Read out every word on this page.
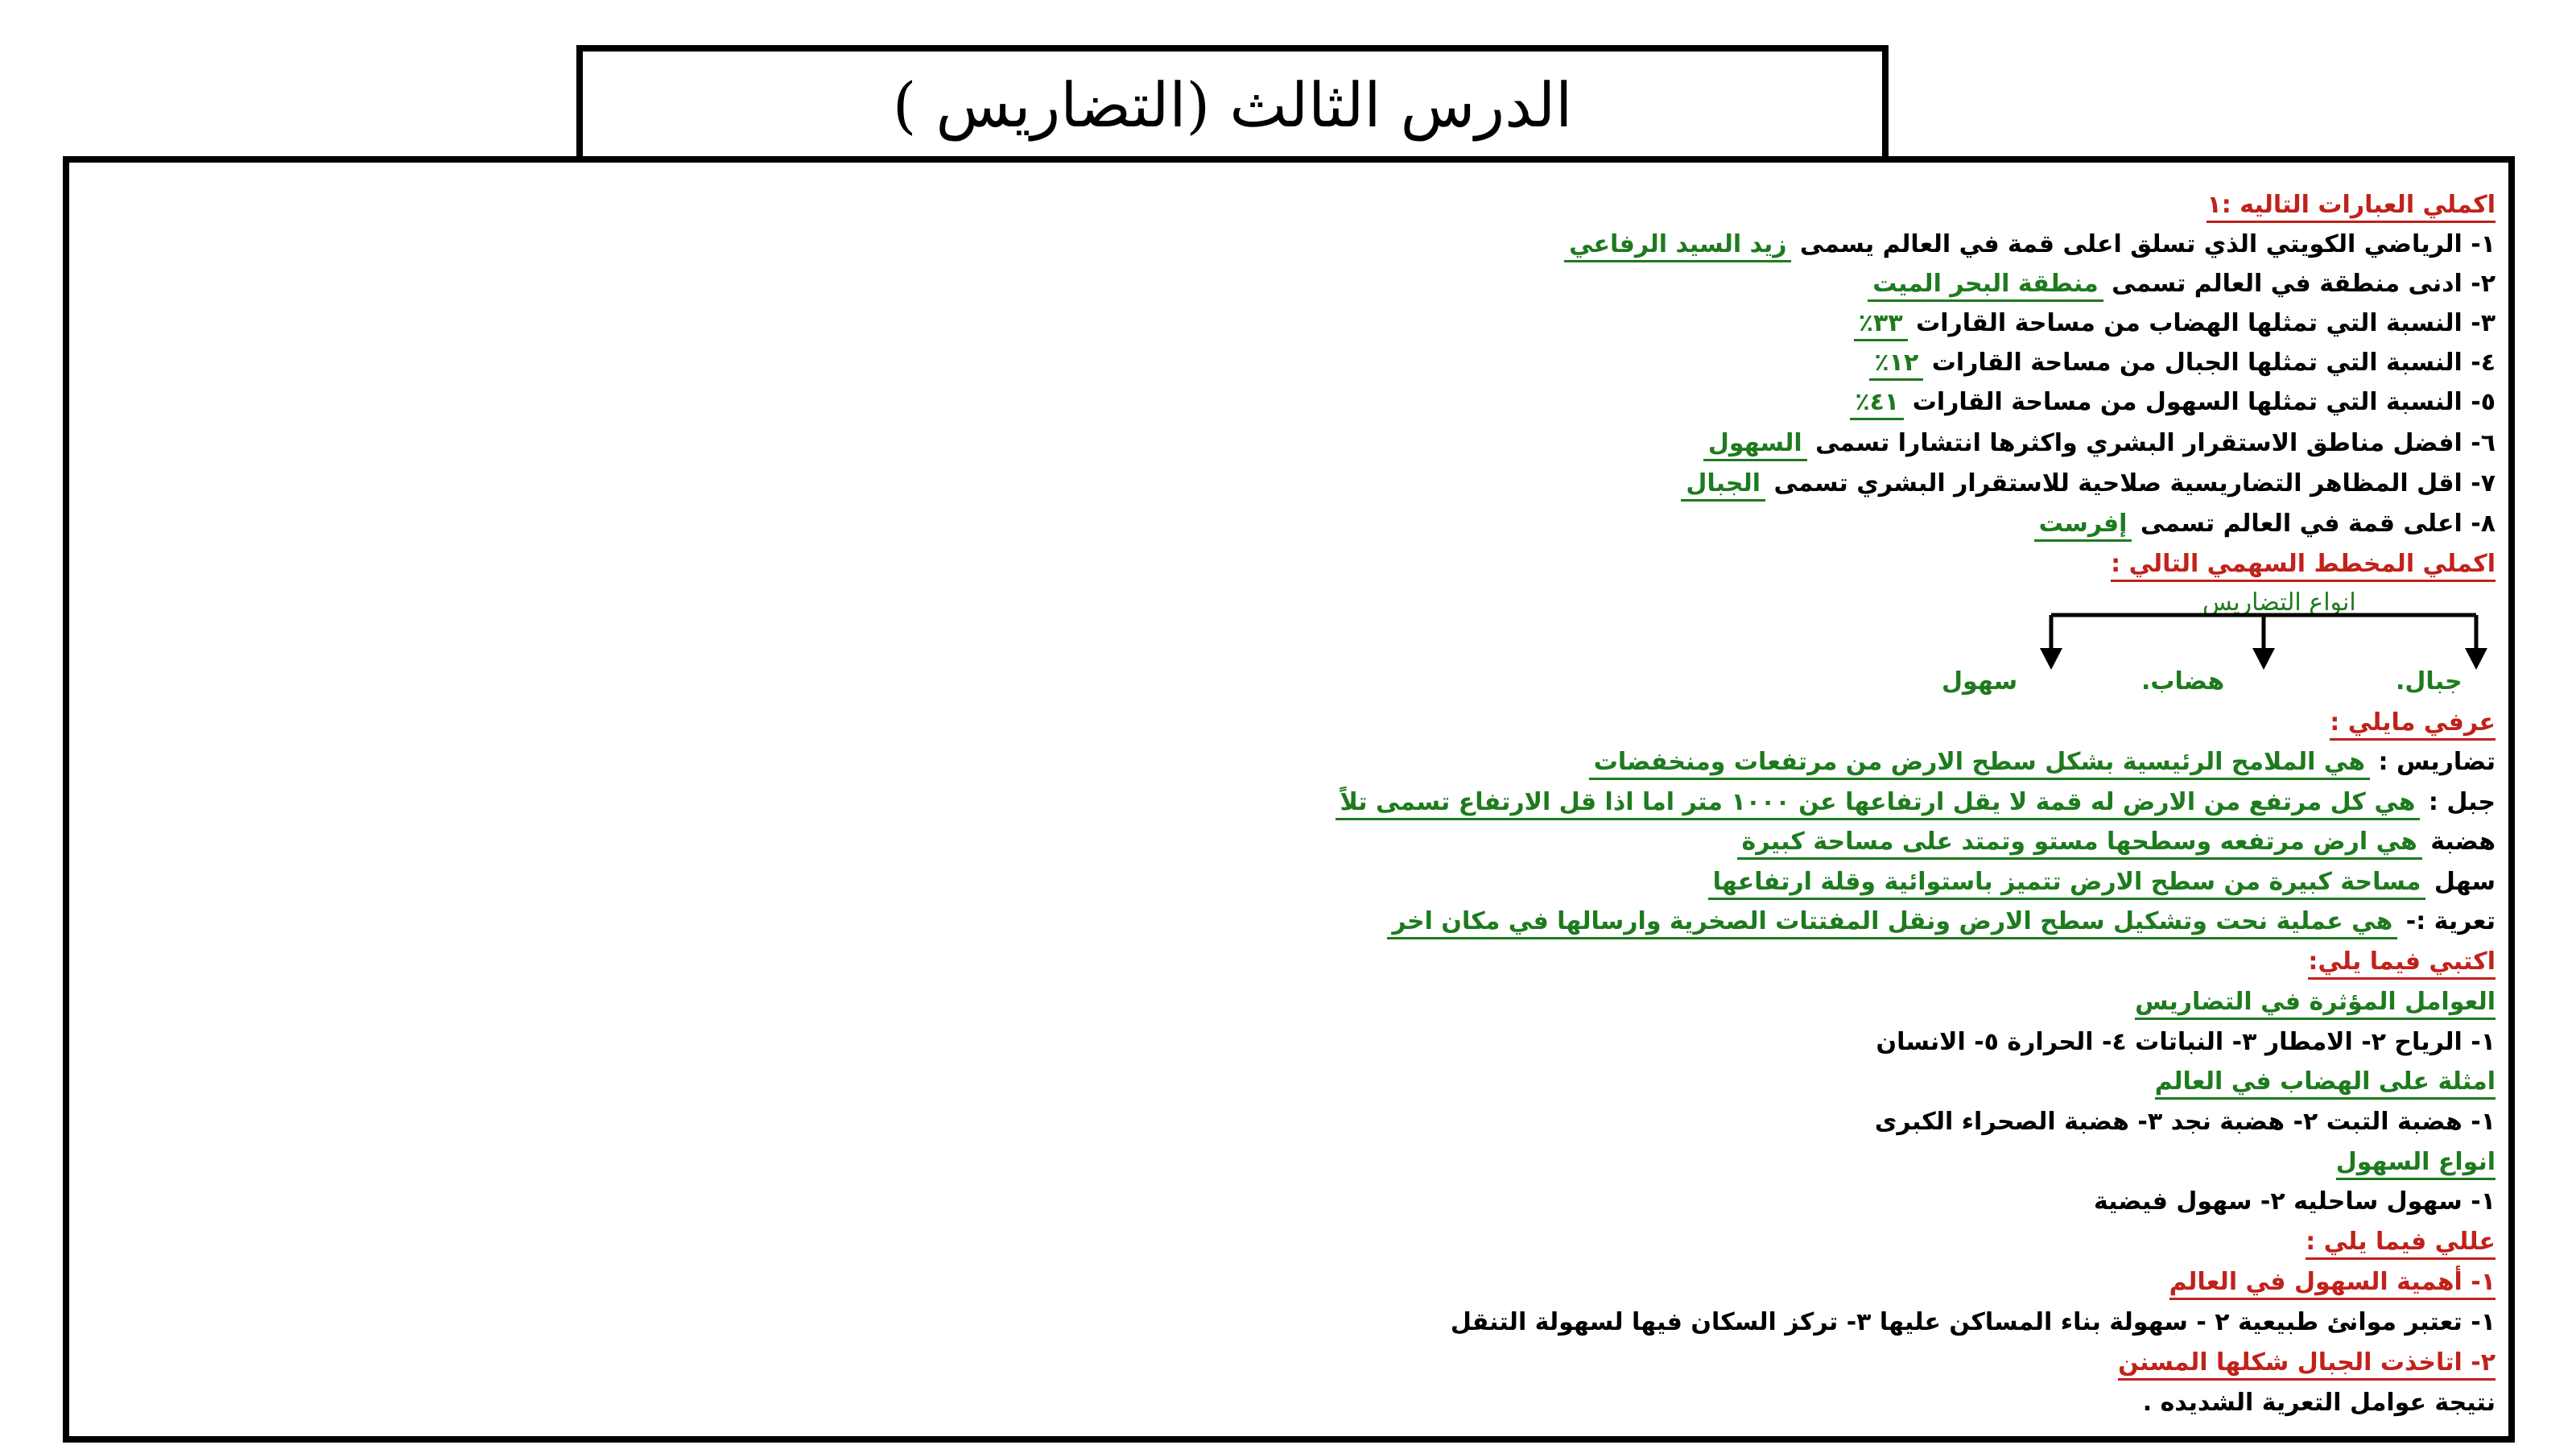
الدرس الثالث (التضاريس )
اكملي العبارات التاليه :١
١- الرياضي الكويتي الذي تسلق اعلى قمة في العالم يسمى زيد السيد الرفاعي
٢- ادنى منطقة في العالم تسمى منطقة البحر الميت
٣- النسبة التي تمثلها الهضاب من مساحة القارات ٣٣٪
٤- النسبة التي تمثلها الجبال من مساحة القارات ١٢٪
٥- النسبة التي تمثلها السهول من مساحة القارات ٤١٪
٦- افضل مناطق الاستقرار البشري واكثرها انتشارا تسمى السهول
٧- اقل المظاهر التضاريسية صلاحية للاستقرار البشري تسمى الجبال
٨- اعلى قمة في العالم تسمى إفرست
اكملي المخطط السهمي التالي :
انواع التضاريس
جبال.
هضاب.
سهول
عرفي مايلي :
تضاريس : هي الملامح الرئيسية بشكل سطح الارض من مرتفعات ومنخفضات
جبل : هي كل مرتفع من الارض له قمة لا يقل ارتفاعها عن ١٠٠٠ متر اما اذا قل الارتفاع تسمى تلاً
هضبة هي ارض مرتفعه وسطحها مستو وتمتد على مساحة كبيرة
سهل مساحة كبيرة من سطح الارض تتميز باستوائية وقلة ارتفاعها
تعرية :- هي عملية نحت وتشكيل سطح الارض ونقل المفتتات الصخرية وارسالها في مكان اخر
اكتبي فيما يلي:
العوامل المؤثرة في التضاريس
١- الرياح ٢- الامطار ٣- النباتات ٤- الحرارة ٥- الانسان
امثلة على الهضاب في العالم
١- هضبة التبت ٢- هضبة نجد ٣- هضبة الصحراء الكبرى
انواع السهول
١- سهول ساحليه ٢- سهول فيضية
عللي فيما يلي :
١- أهمية السهول في العالم
١- تعتبر موانئ طبيعية ٢ - سهولة بناء المساكن عليها ٣- تركز السكان فيها لسهولة التنقل
٢- اتاخذت الجبال شكلها المسنن
نتيجة عوامل التعرية الشديده .
